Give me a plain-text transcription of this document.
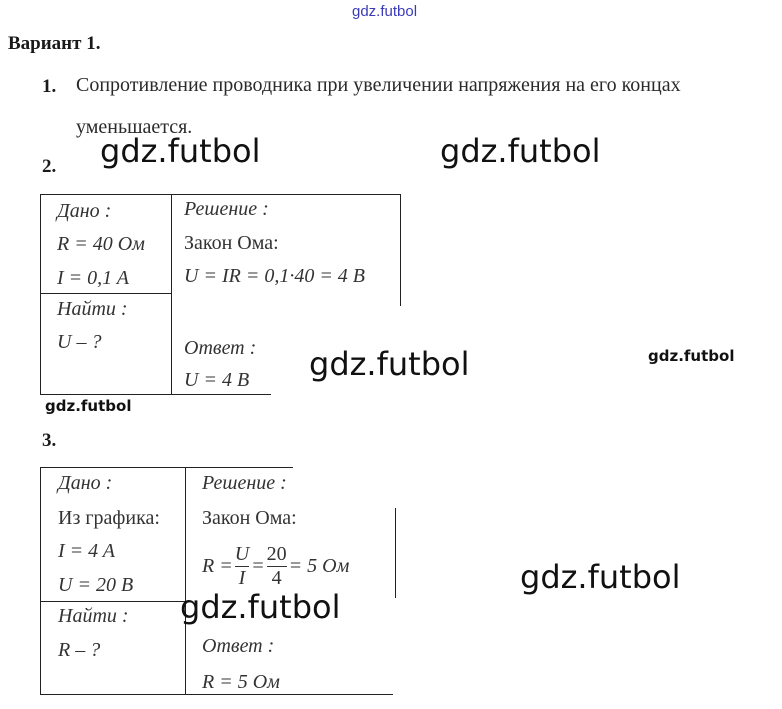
gdz.futbol
Вариант 1.
1. Сопротивление проводника при увеличении напряжения на его концах
уменьшается.
2. gdz.futbol	gdz.futbol
Дано :
R = 40 Ом
I = 0,1 A
Найти :
U – ?
Решение :
Закон Ома:
U = IR = 0,1·40 = 4 В
Ответ :
U = 4 В gdz.futbol	gdz.futbol
gdz.futbol
3.
Дано :
Из графика:
I = 4 A
U = 20 В
Найти :
R – ?
Решение :
Закон Ома:
$R = \frac{U}{I} = \frac{20}{4} = 5$ Ом
Ответ :
R = 5 Ом
gdz.futbol
gdz.futbol
